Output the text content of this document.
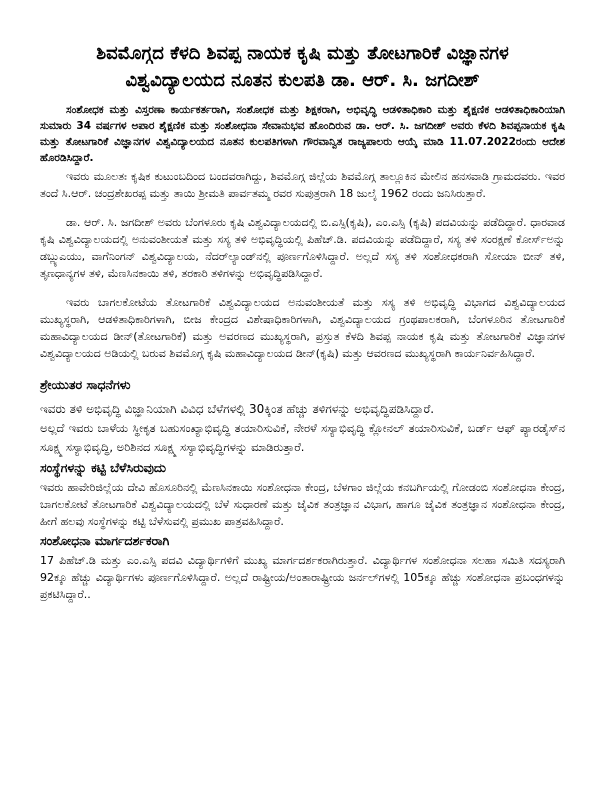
ಶಿವಮೊಗ್ಗದ ಕೆಳದಿ ಶಿವಪ್ಪ ನಾಯಕ ಕೃಷಿ ಮತ್ತು ತೋಟಗಾರಿಕೆ ವಿಜ್ಞಾನಗಳ
ವಿಶ್ವವಿದ್ಯಾಲಯದ ನೂತನ ಕುಲಪತಿ ಡಾ. ಆರ್. ಸಿ. ಜಗದೀಶ್

ಸಂಶೋಧಕ ಮತ್ತು ವಿಸ್ತರಣಾ ಕಾರ್ಯಕರ್ತರಾಗಿ, ಸಂಶೋಧಕ ಮತ್ತು ಶಿಕ್ಷಕರಾಗಿ, ಅಭಿವೃದ್ಧಿ ಆಡಳಿತಾಧಿಕಾರಿ ಮತ್ತು ಶೈಕ್ಷಣಿಕ ಆಡಳಿತಾಧಿಕಾರಿಯಾಗಿ ಸುಮಾರು 34 ವರ್ಷಗಳ ಅಪಾರ ಶೈಕ್ಷಣಿಕ ಮತ್ತು ಸಂಶೋಧನಾ ಸೇವಾನುಭವ ಹೊಂದಿರುವ ಡಾ. ಆರ್. ಸಿ. ಜಗದೀಶ್ ಅವರು ಕೆಳದಿ ಶಿವಪ್ಪನಾಯಕ ಕೃಷಿ ಮತ್ತು ತೋಟಗಾರಿಕೆ ವಿಜ್ಞಾನಗಳ ವಿಶ್ವವಿದ್ಯಾಲಯದ ನೂತನ ಕುಲಪತಿಗಳಾಗಿ ಗೌರವಾನ್ವಿತ ರಾಜ್ಯಪಾಲರು ಆಯ್ಕೆ ಮಾಡಿ 11.07.2022ರಂದು ಆದೇಶ ಹೊರಡಿಸಿದ್ದಾರೆ.

ಇವರು ಮೂಲತಃ ಕೃಷಿಕ ಕುಟುಂಬದಿಂದ ಬಂದವರಾಗಿದ್ದು, ಶಿವಮೊಗ್ಗ ಜಿಲ್ಲೆಯ ಶಿವಮೊಗ್ಗ ತಾಲ್ಲೂಕಿನ ಮೇಲಿನ ಹನಸವಾಡಿ ಗ್ರಾಮದವರು. ಇವರ ತಂದೆ ಸಿ.ಆರ್. ಚಂದ್ರಶೇಖರಪ್ಪ ಮತ್ತು ತಾಯಿ ಶ್ರೀಮತಿ ಪಾರ್ವತಮ್ಮ ರವರ ಸುಪುತ್ರರಾಗಿ 18 ಜುಲೈ 1962 ರಂದು ಜನಿಸಿರುತ್ತಾರೆ.

ಡಾ. ಆರ್. ಸಿ. ಜಗದೀಶ್ ಅವರು ಬೆಂಗಳೂರು ಕೃಷಿ ವಿಶ್ವವಿದ್ಯಾಲಯದಲ್ಲಿ ಬಿ.ಎಸ್ಸಿ(ಕೃಷಿ), ಎಂ.ಎಸ್ಸಿ (ಕೃಷಿ) ಪದವಿಯನ್ನು ಪಡೆದಿದ್ದಾರೆ. ಧಾರವಾಡ ಕೃಷಿ ವಿಶ್ವವಿದ್ಯಾಲಯದಲ್ಲಿ ಅನುವಂಶೀಯತೆ ಮತ್ತು ಸಸ್ಯ ತಳಿ ಅಭಿವೃದ್ಧಿಯಲ್ಲಿ ಪಿಹೆಚ್.ಡಿ. ಪದವಿಯನ್ನು ಪಡೆದಿದ್ದಾರೆ, ಸಸ್ಯ ತಳಿ ಸಂರಕ್ಷಣೆ ಕೋರ್ಸ್‌ಅನ್ನು ಡಬ್ಲ್ಯುಎಯು, ವಾಗೆನಿಂಗನ್ ವಿಶ್ವವಿದ್ಯಾಲಯ, ನೆದರ್‌ಲ್ಯಾಂಡ್‌ನಲ್ಲಿ ಪೂರ್ಣಗೊಳಿಸಿದ್ದಾರೆ. ಅಲ್ಲದೆ ಸಸ್ಯ ತಳಿ ಸಂಶೋಧಕರಾಗಿ ಸೋಯಾ ಬೀನ್ ತಳಿ, ತೃಣಧಾನ್ಯಗಳ ತಳಿ, ಮೆಣಸಿನಕಾಯಿ ತಳಿ, ತರಕಾರಿ ತಳಿಗಳನ್ನು ಅಭಿವೃದ್ಧಿಪಡಿಸಿದ್ದಾರೆ.

ಇವರು ಬಾಗಲಕೋಟೆಯ ತೋಟಗಾರಿಕೆ ವಿಶ್ವವಿದ್ಯಾಲಯದ ಅನುವಂಶೀಯತೆ ಮತ್ತು ಸಸ್ಯ ತಳಿ ಅಭಿವೃದ್ಧಿ ವಿಭಾಗದ ವಿಶ್ವವಿದ್ಯಾಲಯದ ಮುಖ್ಯಸ್ಥರಾಗಿ, ಆಡಳಿತಾಧಿಕಾರಿಗಳಾಗಿ, ಬೀಜ ಕೇಂದ್ರದ ವಿಶೇಷಾಧಿಕಾರಿಗಳಾಗಿ, ವಿಶ್ವವಿದ್ಯಾಲಯದ ಗ್ರಂಥಪಾಲಕರಾಗಿ, ಬೆಂಗಳೂರಿನ ತೋಟಗಾರಿಕೆ ಮಹಾವಿದ್ಯಾಲಯದ ಡೀನ್(ತೋಟಗಾರಿಕೆ) ಮತ್ತು ಅವರಣದ ಮುಖ್ಯಸ್ಥರಾಗಿ, ಪ್ರಸ್ತುತ ಕೆಳದಿ ಶಿವಪ್ಪ ನಾಯಕ ಕೃಷಿ ಮತ್ತು ತೋಟಗಾರಿಕೆ ವಿಜ್ಞಾನಗಳ ವಿಶ್ವವಿದ್ಯಾಲಯದ ಅಡಿಯಲ್ಲಿ ಬರುವ ಶಿವಮೊಗ್ಗ ಕೃಷಿ ಮಹಾವಿದ್ಯಾಲಯದ ಡೀನ್(ಕೃಷಿ) ಮತ್ತು ಆವರಣದ ಮುಖ್ಯಸ್ಥರಾಗಿ ಕಾರ್ಯನಿರ್ವಹಿಸಿದ್ದಾರೆ.

ಶ್ರೇಯುತರ ಸಾಧನೆಗಳು

ಇವರು ತಳಿ ಅಭಿವೃದ್ಧಿ ವಿಜ್ಞಾನಿಯಾಗಿ ವಿವಿಧ ಬೆಳೆಗಳಲ್ಲಿ 30ಕ್ಕಿಂತ ಹೆಚ್ಚು ತಳಿಗಳನ್ನು ಅಭಿವೃದ್ಧಿಪಡಿಸಿದ್ದಾರೆ.

ಅಲ್ಲದೆ ಇವರು ಬಾಳೆಯ ಸ್ಥೀಕೃತ ಬಹುಸಂಖ್ಯಾಭಿವೃದ್ಧಿ ತಯಾರಿಸುವಿಕೆ, ನೇರಳೆ ಸಸ್ಯಾಭಿವೃದ್ಧಿ ಕ್ಲೋನಲ್ ತಯಾರಿಸುವಿಕೆ, ಬರ್ಡ್ ಆಫ್ ಪ್ಯಾರಡೈಸ್‌ನ ಸೂಕ್ಷ್ಮ ಸಸ್ಯಾಭಿವೃದ್ಧಿ, ಅರಿಶಿನದ ಸೂಕ್ಷ್ಮ ಸಸ್ಯಾಭಿವೃದ್ಧಿಗಳನ್ನು ಮಾಡಿರುತ್ತಾರೆ.

ಸಂಸ್ಥೆಗಳನ್ನು ಕಟ್ಟಿ ಬೆಳೆಸಿರುವುದು

ಇವರು ಹಾವೇರಿಜಿಲ್ಲೆಯ ದೇವಿ ಹೊಸೂರಿನಲ್ಲಿ ಮೆಣಸಿನಕಾಯಿ ಸಂಶೋಧನಾ ಕೇಂದ್ರ, ಬೆಳಗಾಂ ಜಿಲ್ಲೆಯ ಕನಬರ್ಗಿಯಲ್ಲಿ ಗೋಡಂಬಿ ಸಂಶೋಧನಾ ಕೇಂದ್ರ, ಬಾಗಲಕೋಟೆ ತೋಟಗಾರಿಕೆ ವಿಶ್ವವಿದ್ಯಾಲಯದಲ್ಲಿ ಬೆಳೆ ಸುಧಾರಣೆ ಮತ್ತು ಜೈವಿಕ ತಂತ್ರಜ್ಞಾನ ವಿಭಾಗ, ಹಾಗೂ ಜೈವಿಕ ತಂತ್ರಜ್ಞಾನ ಸಂಶೋಧನಾ ಕೇಂದ್ರ, ಹೀಗೆ ಹಲವು ಸಂಸ್ಥೆಗಳನ್ನು ಕಟ್ಟಿ ಬೆಳೆಸುವಲ್ಲಿ ಪ್ರಮುಖ ಪಾತ್ರವಹಿಸಿದ್ದಾರೆ.

ಸಂಶೋಧನಾ ಮಾರ್ಗದರ್ಶಕರಾಗಿ

17 ಪಿಹೆಚ್.ಡಿ ಮತ್ತು ಎಂ.ಎಸ್ಸಿ ಪದವಿ ವಿದ್ಯಾರ್ಥಿಗಳಿಗೆ ಮುಖ್ಯ ಮಾರ್ಗದರ್ಶಕರಾಗಿರುತ್ತಾರೆ. ವಿದ್ಯಾರ್ಥಿಗಳ ಸಂಶೋಧನಾ ಸಲಹಾ ಸಮಿತಿ ಸದಸ್ಯರಾಗಿ 92ಕ್ಕೂ ಹೆಚ್ಚು ವಿದ್ಯಾರ್ಥಿಗಳು ಪೂರ್ಣಗೊಳಿಸಿದ್ದಾರೆ. ಅಲ್ಲದೆ ರಾಷ್ಟ್ರೀಯ/ಅಂತಾರಾಷ್ಟ್ರೀಯ ಜರ್ನಲ್‌ಗಳಲ್ಲಿ 105ಕ್ಕೂ ಹೆಚ್ಚು ಸಂಶೋಧನಾ ಪ್ರಬಂಧಗಳನ್ನು ಪ್ರಕಟಿಸಿದ್ದಾರೆ..
